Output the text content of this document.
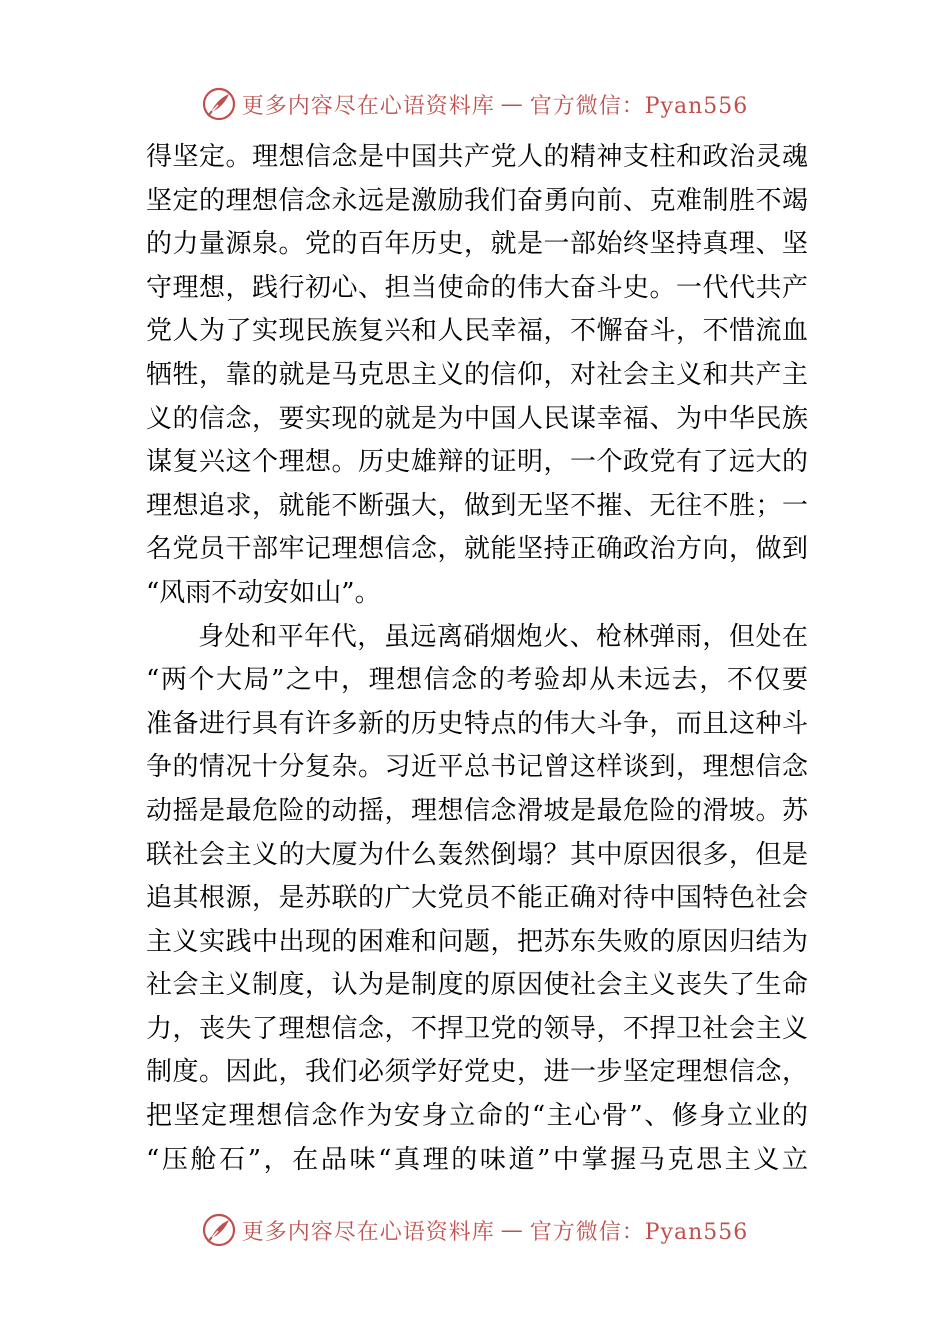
更多内容尽在心语资料库 — 官方微信：Pyan556
得坚定。理想信念是中国共产党人的精神支柱和政治灵魂
坚定的理想信念永远是激励我们奋勇向前、克难制胜不竭
的力量源泉。党的百年历史，就是一部始终坚持真理、坚
守理想，践行初心、担当使命的伟大奋斗史。一代代共产
党人为了实现民族复兴和人民幸福，不懈奋斗，不惜流血
牺牲，靠的就是马克思主义的信仰，对社会主义和共产主
义的信念，要实现的就是为中国人民谋幸福、为中华民族
谋复兴这个理想。历史雄辩的证明，一个政党有了远大的
理想追求，就能不断强大，做到无坚不摧、无往不胜；一
名党员干部牢记理想信念，就能坚持正确政治方向，做到
“风雨不动安如山”。
身处和平年代，虽远离硝烟炮火、枪林弹雨，但处在
“两个大局”之中，理想信念的考验却从未远去，不仅要
准备进行具有许多新的历史特点的伟大斗争，而且这种斗
争的情况十分复杂。习近平总书记曾这样谈到，理想信念
动摇是最危险的动摇，理想信念滑坡是最危险的滑坡。苏
联社会主义的大厦为什么轰然倒塌？其中原因很多，但是
追其根源，是苏联的广大党员不能正确对待中国特色社会
主义实践中出现的困难和问题，把苏东失败的原因归结为
社会主义制度，认为是制度的原因使社会主义丧失了生命
力，丧失了理想信念，不捍卫党的领导，不捍卫社会主义
制度。因此，我们必须学好党史，进一步坚定理想信念，
把坚定理想信念作为安身立命的“主心骨”、修身立业的
“压舱石”，在品味“真理的味道”中掌握马克思主义立
更多内容尽在心语资料库 — 官方微信：Pyan556
